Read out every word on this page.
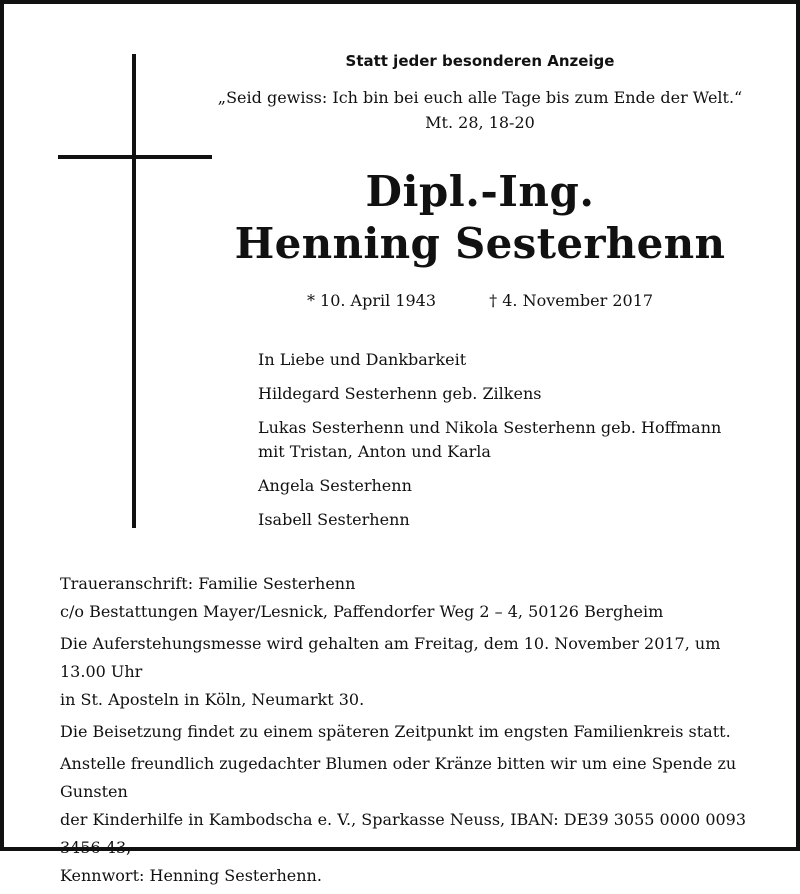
Statt jeder besonderen Anzeige
„Seid gewiss: Ich bin bei euch alle Tage bis zum Ende der Welt.“
Mt. 28, 18-20
Dipl.-Ing.
Henning Sesterhenn
* 10. April 1943	† 4. November 2017
In Liebe und Dankbarkeit
Hildegard Sesterhenn geb. Zilkens
Lukas Sesterhenn und Nikola Sesterhenn geb. Hoffmann
mit Tristan, Anton und Karla
Angela Sesterhenn
Isabell Sesterhenn
Traueranschrift: Familie Sesterhenn
c/o Bestattungen Mayer/Lesnick, Paffendorfer Weg 2 – 4, 50126 Bergheim
Die Auferstehungsmesse wird gehalten am Freitag, dem 10. November 2017, um 13.00 Uhr
in St. Aposteln in Köln, Neumarkt 30.
Die Beisetzung findet zu einem späteren Zeitpunkt im engsten Familienkreis statt.
Anstelle freundlich zugedachter Blumen oder Kränze bitten wir um eine Spende zu Gunsten
der Kinderhilfe in Kambodscha e. V., Sparkasse Neuss, IBAN: DE39 3055 0000 0093 3456 43,
Kennwort: Henning Sesterhenn.
